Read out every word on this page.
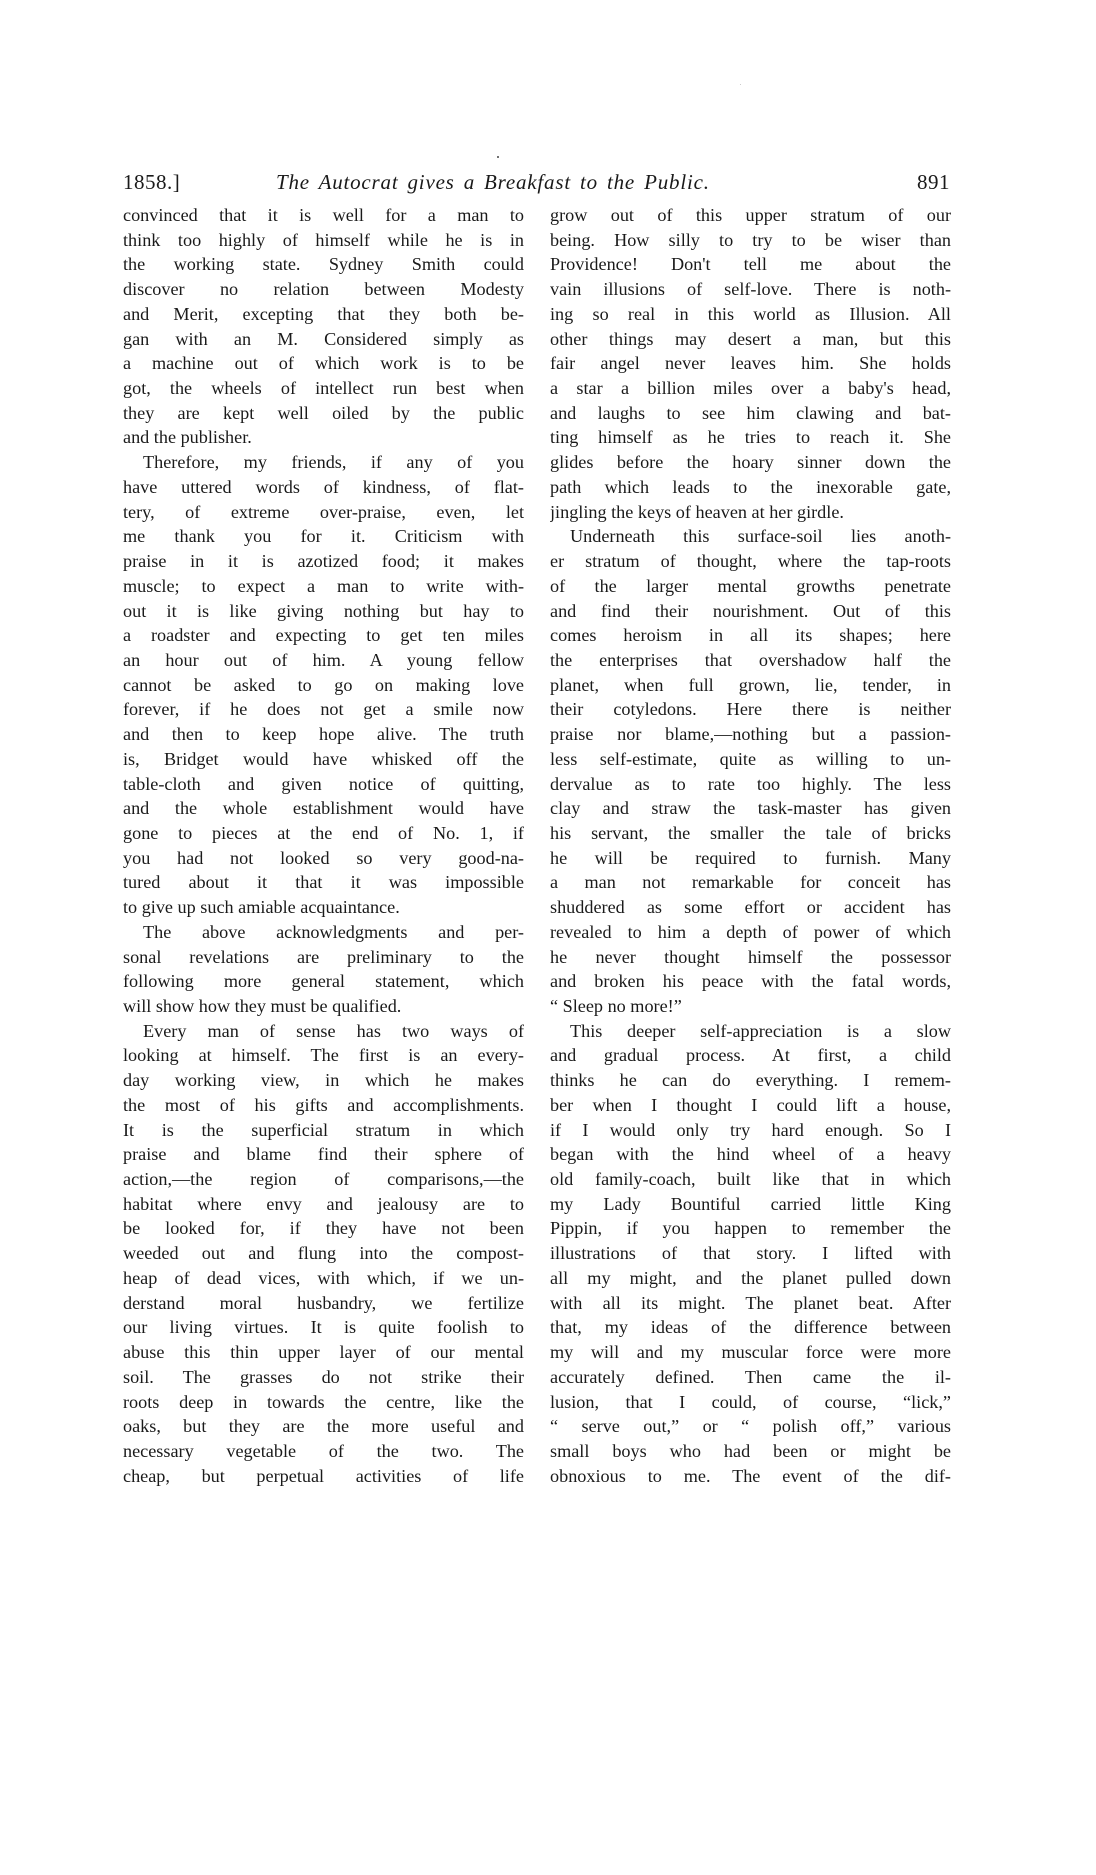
1858.]	The Autocrat gives a Breakfast to the Public.	891
convinced that it is well for a man to
think too highly of himself while he is in
the working state. Sydney Smith could
discover no relation between Modesty
and Merit, excepting that they both be-
gan with an M. Considered simply as
a machine out of which work is to be
got, the wheels of intellect run best when
they are kept well oiled by the public
and the publisher.
Therefore, my friends, if any of you
have uttered words of kindness, of flat-
tery, of extreme over-praise, even, let
me thank you for it. Criticism with
praise in it is azotized food; it makes
muscle; to expect a man to write with-
out it is like giving nothing but hay to
a roadster and expecting to get ten miles
an hour out of him. A young fellow
cannot be asked to go on making love
forever, if he does not get a smile now
and then to keep hope alive. The truth
is, Bridget would have whisked off the
table-cloth and given notice of quitting,
and the whole establishment would have
gone to pieces at the end of No. 1, if
you had not looked so very good-na-
tured about it that it was impossible
to give up such amiable acquaintance.
The above acknowledgments and per-
sonal revelations are preliminary to the
following more general statement, which
will show how they must be qualified.
Every man of sense has two ways of
looking at himself. The first is an every-
day working view, in which he makes
the most of his gifts and accomplishments.
It is the superficial stratum in which
praise and blame find their sphere of
action,—the region of comparisons,—the
habitat where envy and jealousy are to
be looked for, if they have not been
weeded out and flung into the compost-
heap of dead vices, with which, if we un-
derstand moral husbandry, we fertilize
our living virtues. It is quite foolish to
abuse this thin upper layer of our mental
soil. The grasses do not strike their
roots deep in towards the centre, like the
oaks, but they are the more useful and
necessary vegetable of the two. The
cheap, but perpetual activities of life
grow out of this upper stratum of our
being. How silly to try to be wiser than
Providence! Don't tell me about the
vain illusions of self-love. There is noth-
ing so real in this world as Illusion. All
other things may desert a man, but this
fair angel never leaves him. She holds
a star a billion miles over a baby's head,
and laughs to see him clawing and bat-
ting himself as he tries to reach it. She
glides before the hoary sinner down the
path which leads to the inexorable gate,
jingling the keys of heaven at her girdle.
Underneath this surface-soil lies anoth-
er stratum of thought, where the tap-roots
of the larger mental growths penetrate
and find their nourishment. Out of this
comes heroism in all its shapes; here
the enterprises that overshadow half the
planet, when full grown, lie, tender, in
their cotyledons. Here there is neither
praise nor blame,—nothing but a passion-
less self-estimate, quite as willing to un-
dervalue as to rate too highly. The less
clay and straw the task-master has given
his servant, the smaller the tale of bricks
he will be required to furnish. Many
a man not remarkable for conceit has
shuddered as some effort or accident has
revealed to him a depth of power of which
he never thought himself the possessor
and broken his peace with the fatal words,
“ Sleep no more!”
This deeper self-appreciation is a slow
and gradual process. At first, a child
thinks he can do everything. I remem-
ber when I thought I could lift a house,
if I would only try hard enough. So I
began with the hind wheel of a heavy
old family-coach, built like that in which
my Lady Bountiful carried little King
Pippin, if you happen to remember the
illustrations of that story. I lifted with
all my might, and the planet pulled down
with all its might. The planet beat. After
that, my ideas of the difference between
my will and my muscular force were more
accurately defined. Then came the il-
lusion, that I could, of course, “lick,”
“ serve out,” or “ polish off,” various
small boys who had been or might be
obnoxious to me. The event of the dif-
